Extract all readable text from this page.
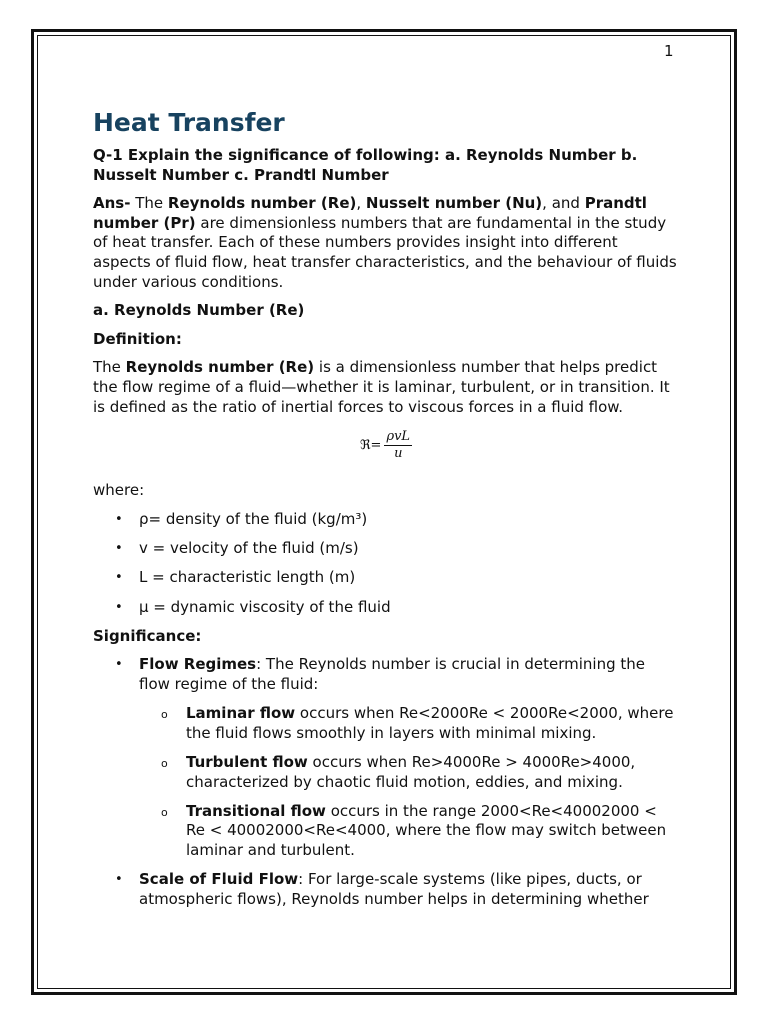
1
Heat Transfer
Q-1 Explain the significance of following: a. Reynolds Number b. Nusselt Number c. Prandtl Number
Ans- The Reynolds number (Re), Nusselt number (Nu), and Prandtl number (Pr) are dimensionless numbers that are fundamental in the study of heat transfer. Each of these numbers provides insight into different aspects of fluid flow, heat transfer characteristics, and the behaviour of fluids under various conditions.
a. Reynolds Number (Re)
Definition:
The Reynolds number (Re) is a dimensionless number that helps predict the flow regime of a fluid—whether it is laminar, turbulent, or in transition. It is defined as the ratio of inertial forces to viscous forces in a fluid flow.
ℜ = $\frac{\text{ρvL}}{u}$
where:
• ρ= density of the fluid (kg/m³)
• v = velocity of the fluid (m/s)
• L = characteristic length (m)
• μ = dynamic viscosity of the fluid
Significance:
• Flow Regimes: The Reynolds number is crucial in determining the flow regime of the fluid:
o Laminar flow occurs when Re<2000Re < 2000Re<2000, where the fluid flows smoothly in layers with minimal mixing.
o Turbulent flow occurs when Re>4000Re > 4000Re>4000, characterized by chaotic fluid motion, eddies, and mixing.
o Transitional flow occurs in the range 2000<Re<40002000 < Re < 40002000<Re<4000, where the flow may switch between laminar and turbulent.
• Scale of Fluid Flow: For large-scale systems (like pipes, ducts, or atmospheric flows), Reynolds number helps in determining whether
